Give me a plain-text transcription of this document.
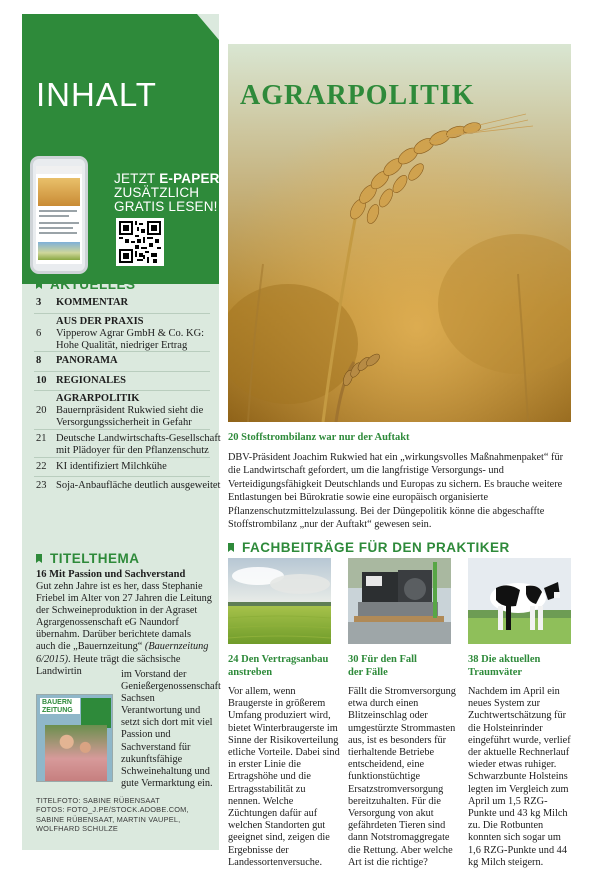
INHALT
JETZT E-PAPER
ZUSÄTZLICH
GRATIS LESEN!
AKTUELLES
3	KOMMENTAR
AUS DER PRAXIS
6	Vipperow Agrar GmbH & Co. KG:
Hohe Qualität, niedriger Ertrag
8	PANORAMA
10 REGIONALES
AGRARPOLITIK
20 Bauernpräsident Rukwied sieht die
Versorgungssicherheit in Gefahr
21 Deutsche Landwirtschafts-Gesellschaft
mit Plädoyer für den Pflanzenschutz
22 KI identifiziert Milchkühe
23 Soja-Anbaufläche deutlich ausgeweitet
TITELTHEMA
16 Mit Passion und Sachverstand
Gut zehn Jahre ist es her, dass Stephanie Friebel im Alter von 27 Jahren die Leitung der Schweineproduktion in der Agraset Agrargenossenschaft eG Naundorf übernahm. Darüber berichtete damals auch die „Bauernzeitung“ (Bauernzeitung 6/2015). Heute trägt die sächsische Landwirtin	im Vorstand der Genießergenossenschaft Sachsen Verantwortung und setzt sich dort mit viel Passion und Sachverstand für zukunftsfähige Schweinehaltung und gute Vermarktung ein.
BAUERN ZEITUNG
TITELFOTO: SABINE RÜBENSAAT
FOTOS: FOTO_J.PE/STOCK.ADOBE.COM,
SABINE RÜBENSAAT, MARTIN VAUPEL,
WOLFHARD SCHULZE
AGRARPOLITIK
20 Stoffstrombilanz war nur der Auftakt
DBV-Präsident Joachim Rukwied hat ein „wirkungsvolles Maßnahmenpaket“ für die Landwirtschaft gefordert, um die langfristige Versorgungs- und Verteidigungsfähigkeit Deutschlands und Europas zu sichern. Es brauche weitere Entlastungen bei Bürokratie sowie eine europäisch organisierte Pflanzenschutzmittelzulassung. Bei der Düngepolitik könne die abgeschaffte Stoffstrombilanz „nur der Auftakt“ gewesen sein.
FACHBEITRÄGE FÜR DEN PRAKTIKER
24 Den Vertragsanbau
anstreben
Vor allem, wenn Braugerste in größerem Umfang produziert wird, bietet Winterbraugerste im Sinne der Risikoverteilung etliche Vorteile. Dabei sind in erster Linie die Ertragshöhe und die Ertragsstabilität zu nennen. Welche Züchtungen dafür auf welchen Standorten gut geeignet sind, zeigen die Ergebnisse der Landessortenversuche.
30 Für den Fall
der Fälle
Fällt die Stromversorgung etwa durch einen Blitzeinschlag oder umgestürzte Strommasten aus, ist es besonders für tierhaltende Betriebe entscheidend, eine funktionstüchtige Ersatzstromversorgung bereitzuhalten. Für die Versorgung von akut gefährdeten Tieren sind dann Notstromaggregate die Rettung. Aber welche Art ist die richtige?
38 Die aktuellen
Traumväter
Nachdem im April ein neues System zur Zuchtwertschätzung für die Holsteinrinder eingeführt wurde, verlief der aktuelle Rechnerlauf wieder etwas ruhiger. Schwarzbunte Holsteins legten im Vergleich zum April um 1,5 RZG-Punkte und 43 kg Milch zu. Die Rotbunten konnten sich sogar um 1,6 RZG-Punkte und 44 kg Milch steigern.
